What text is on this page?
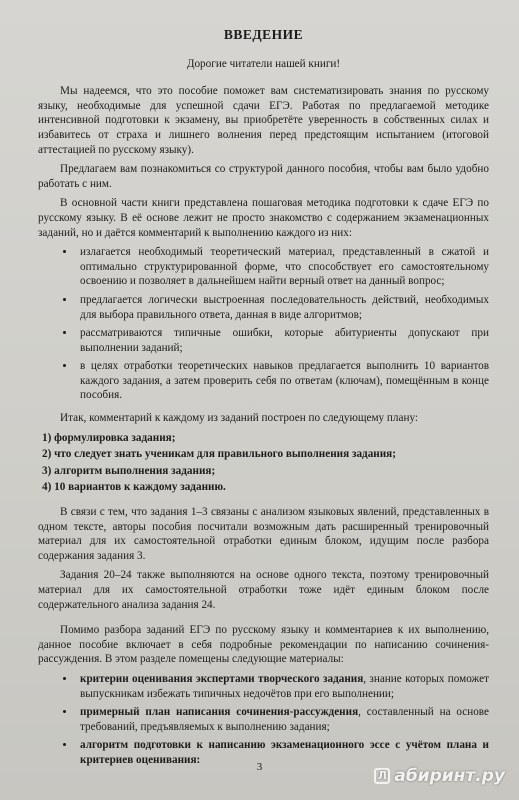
ВВЕДЕНИЕ
Дорогие читатели нашей книги!

Мы надеемся, что это пособие поможет вам систематизировать знания по русскому языку, необходимые для успешной сдачи ЕГЭ. Работая по предлагаемой методике интенсивной подготовки к экзамену, вы приобретёте уверенность в собственных силах и избавитесь от страха и лишнего волнения перед предстоящим испытанием (итоговой аттестацией по русскому языку).

Предлагаем вам познакомиться со структурой данного пособия, чтобы вам было удобно работать с ним.

В основной части книги представлена пошаговая методика подготовки к сдаче ЕГЭ по русскому языку. В её основе лежит не просто знакомство с содержанием экзаменационных заданий, но и даётся комментарий к выполнению каждого из них:

• излагается необходимый теоретический материал, представленный в сжатой и оптимально структурированной форме, что способствует его самостоятельному освоению и позволяет в дальнейшем найти верный ответ на данный вопрос;
• предлагается логически выстроенная последовательность действий, необходимых для выбора правильного ответа, данная в виде алгоритмов;
• рассматриваются типичные ошибки, которые абитуриенты допускают при выполнении заданий;
• в целях отработки теоретических навыков предлагается выполнить 10 вариантов каждого задания, а затем проверить себя по ответам (ключам), помещённым в конце пособия.

Итак, комментарий к каждому из заданий построен по следующему плану:

1) формулировка задания;
2) что следует знать ученикам для правильного выполнения задания;
3) алгоритм выполнения задания;
4) 10 вариантов к каждому заданию.

В связи с тем, что задания 1–3 связаны с анализом языковых явлений, представленных в одном тексте, авторы пособия посчитали возможным дать расширенный тренировочный материал для их самостоятельной отработки единым блоком, идущим после разбора содержания задания 3.

Задания 20–24 также выполняются на основе одного текста, поэтому тренировочный материал для их самостоятельной отработки тоже идёт единым блоком после содержательного анализа задания 24.

Помимо разбора заданий ЕГЭ по русскому языку и комментариев к их выполнению, данное пособие включает в себя подробные рекомендации по написанию сочинения-рассуждения. В этом разделе помещены следующие материалы:

• критерии оценивания экспертами творческого задания, знание которых поможет выпускникам избежать типичных недочётов при его выполнении;
• примерный план написания сочинения-рассуждения, составленный на основе требований, предъявляемых к выполнению задания;
• алгоритм подготовки к написанию экзаменационного эссе с учётом плана и критериев оценивания:
3
Л абиринт.ру
